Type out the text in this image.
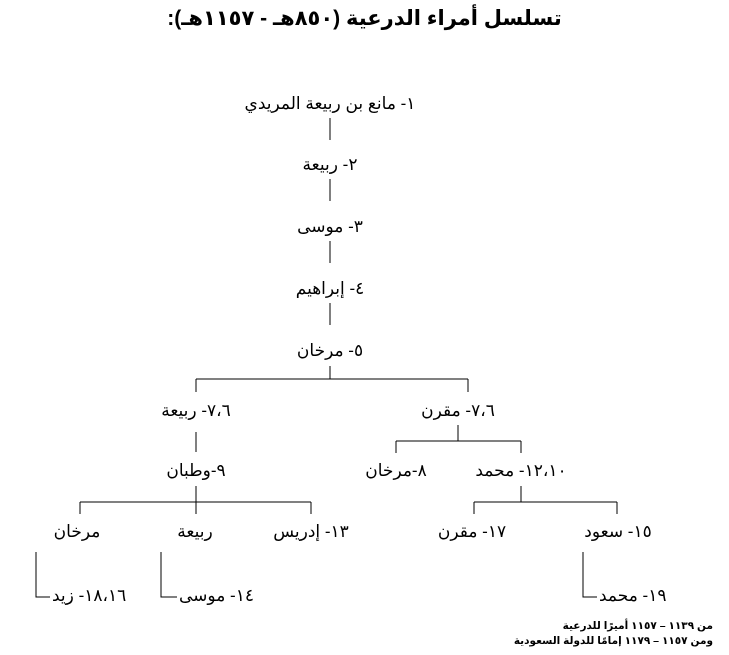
تسلسل أمراء الدرعية (٨٥٠هـ - ١١٥٧هـ):
١- مانع بن ربيعة المريدي
٢- ربيعة
٣- موسى
٤- إبراهيم
٥- مرخان
٧،٦- ربيعة	٧،٦- مقرن
٩-وطبان	٨-مرخان	١٢،١٠- محمد
مرخان	ربيعة	١٣- إدريس	١٧- مقرن	١٥- سعود
١٨،١٦- زيد	١٤- موسى	١٩- محمد
من ١١٣٩ – ١١٥٧ أميرًا للدرعية
ومن ١١٥٧ – ١١٧٩ إمامًا للدولة السعودية
